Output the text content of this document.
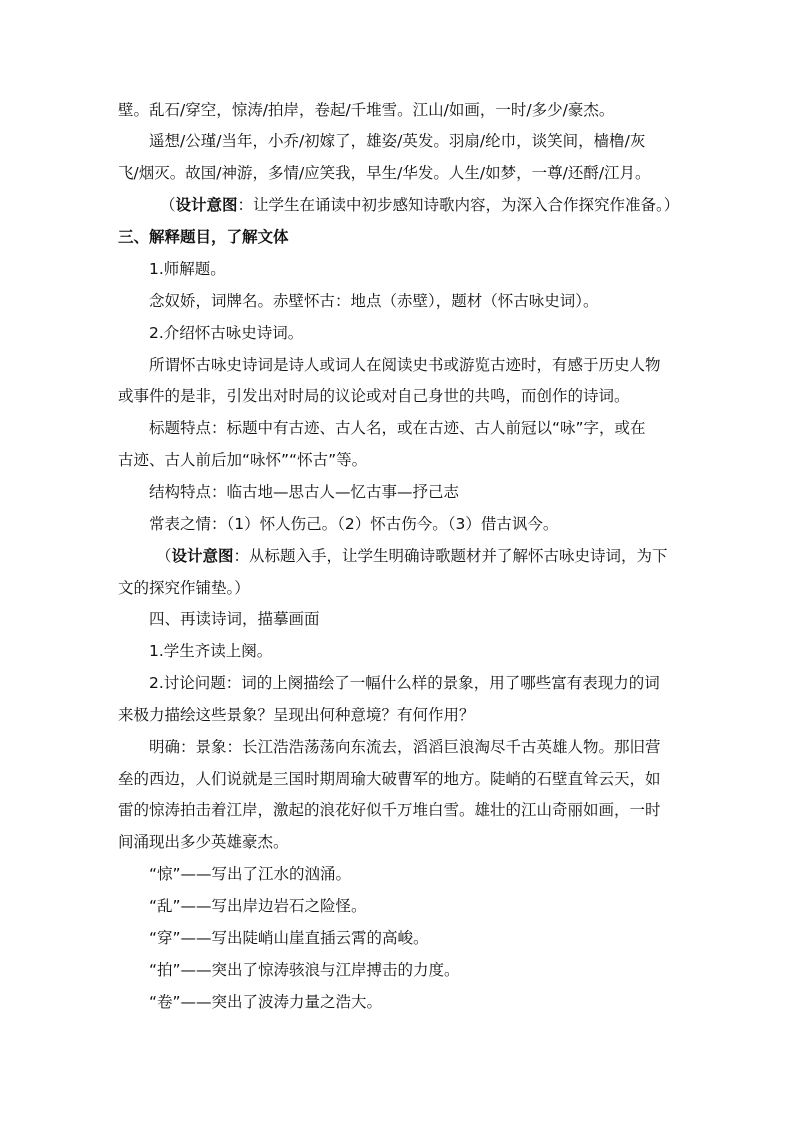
壁。乱石/穿空，惊涛/拍岸，卷起/千堆雪。江山/如画，一时/多少/豪杰。
遥想/公瑾/当年，小乔/初嫁了，雄姿/英发。羽扇/纶巾，谈笑间，樯橹/灰
飞/烟灭。故国/神游，多情/应笑我，早生/华发。人生/如梦，一尊/还酹/江月。
（设计意图：让学生在诵读中初步感知诗歌内容，为深入合作探究作准备。）
三、解释题目，了解文体
1.师解题。
念奴娇，词牌名。赤壁怀古：地点（赤壁），题材（怀古咏史词）。
2.介绍怀古咏史诗词。
所谓怀古咏史诗词是诗人或词人在阅读史书或游览古迹时，有感于历史人物
或事件的是非，引发出对时局的议论或对自己身世的共鸣，而创作的诗词。
标题特点：标题中有古迹、古人名，或在古迹、古人前冠以“咏”字，或在
古迹、古人前后加“咏怀”“怀古”等。
结构特点：临古地—思古人—忆古事—抒己志
常表之情：（1）怀人伤己。（2）怀古伤今。（3）借古讽今。
（设计意图：从标题入手，让学生明确诗歌题材并了解怀古咏史诗词，为下
文的探究作铺垫。）
四、再读诗词，描摹画面
1.学生齐读上阕。
2.讨论问题：词的上阕描绘了一幅什么样的景象，用了哪些富有表现力的词
来极力描绘这些景象？呈现出何种意境？有何作用？
明确：景象：长江浩浩荡荡向东流去，滔滔巨浪淘尽千古英雄人物。那旧营
垒的西边，人们说就是三国时期周瑜大破曹军的地方。陡峭的石壁直耸云天，如
雷的惊涛拍击着江岸，激起的浪花好似千万堆白雪。雄壮的江山奇丽如画，一时
间涌现出多少英雄豪杰。
“惊”——写出了江水的汹涌。
“乱”——写出岸边岩石之险怪。
“穿”——写出陡峭山崖直插云霄的高峻。
“拍”——突出了惊涛骇浪与江岸搏击的力度。
“卷”——突出了波涛力量之浩大。
